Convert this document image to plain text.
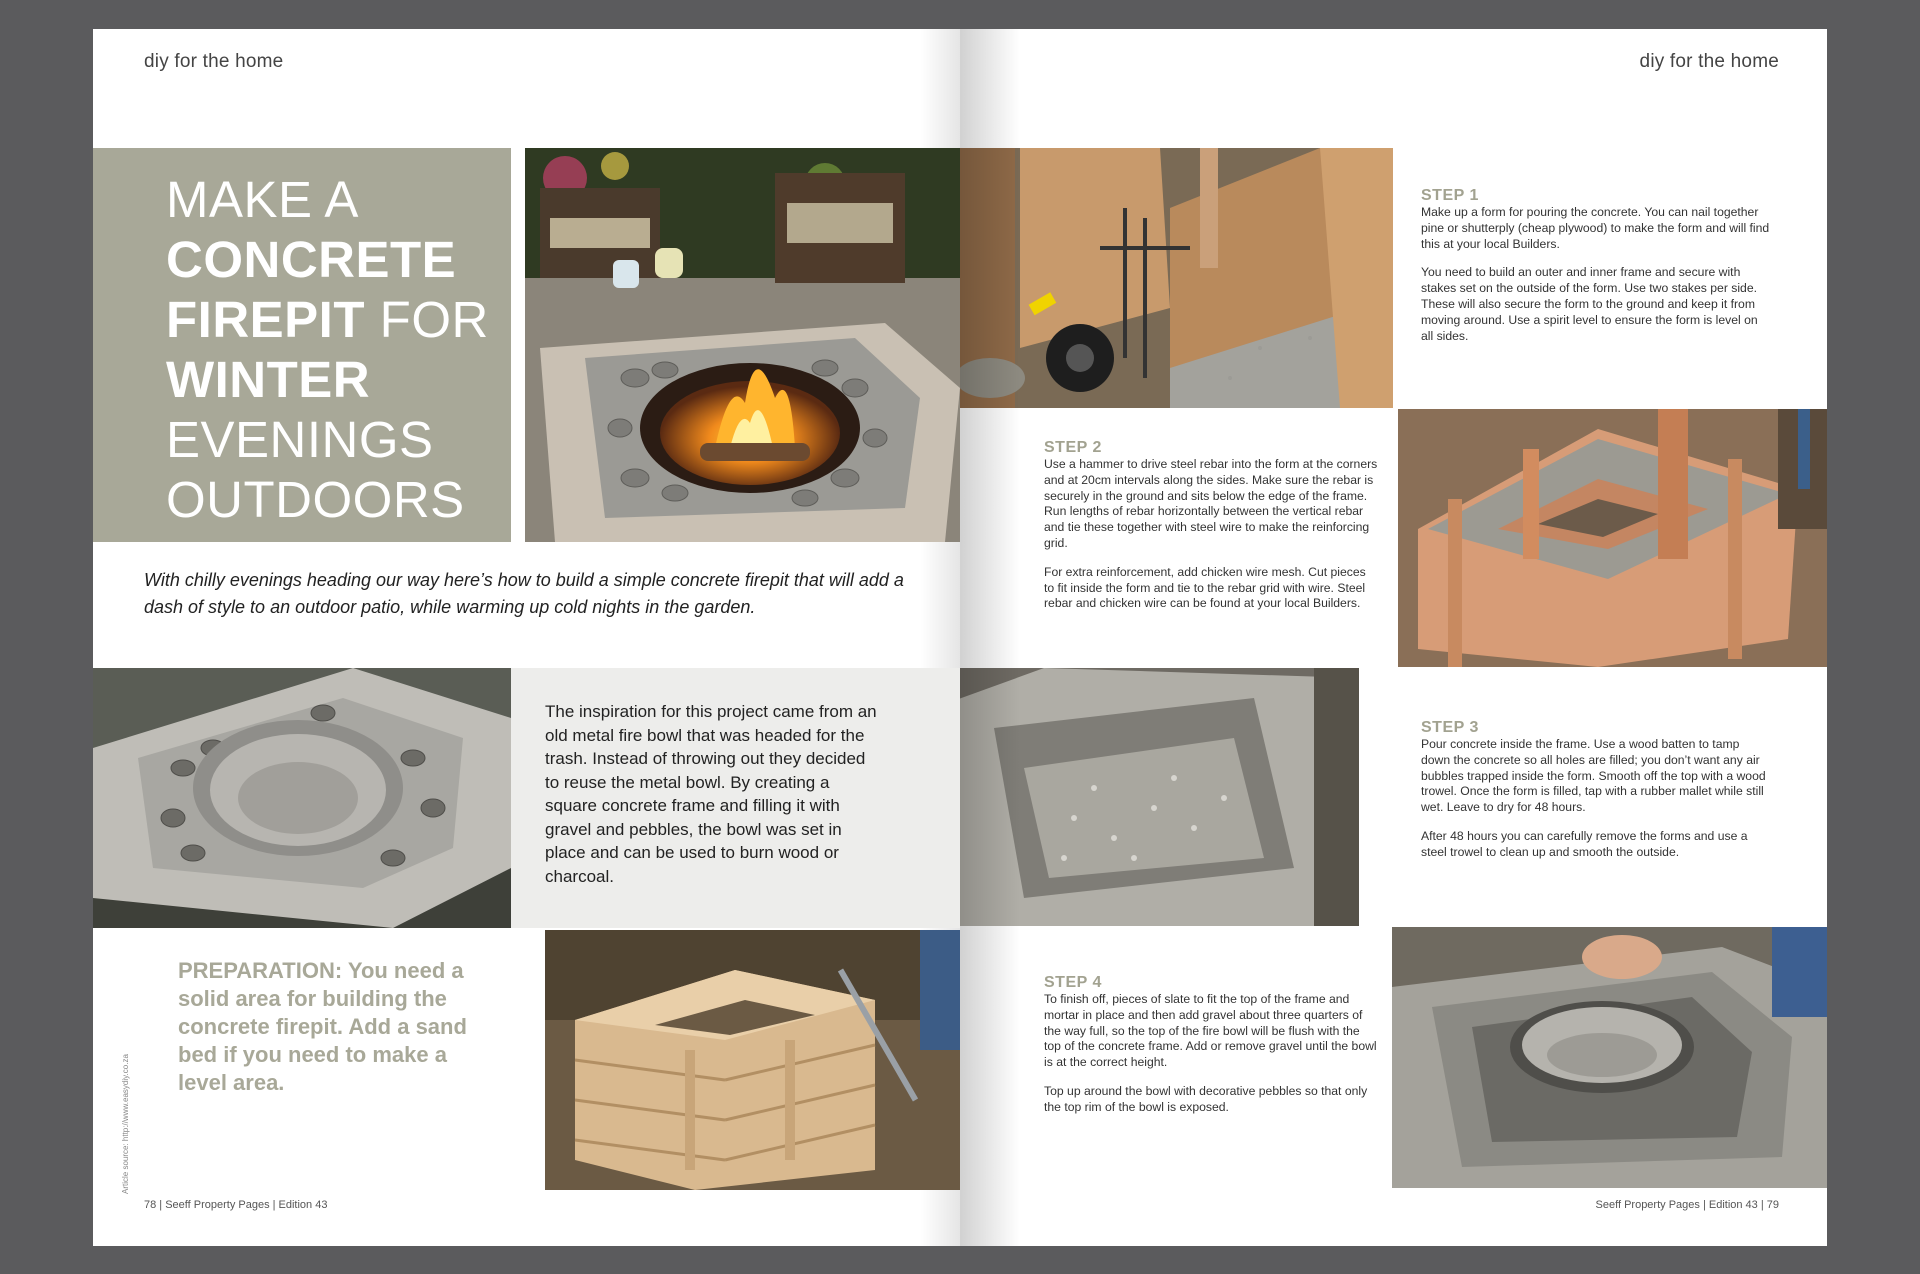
diy for the home
MAKE A
CONCRETE
FIREPIT FOR
WINTER
EVENINGS
OUTDOORS
With chilly evenings heading our way here’s how to build a simple concrete firepit that will add a dash of style to an outdoor patio, while warming up cold nights in the garden.
The inspiration for this project came from an old metal fire bowl that was headed for the trash. Instead of throwing out they decided to reuse the metal bowl. By creating a square concrete frame and filling it with gravel and pebbles, the bowl was set in place and can be used to burn wood or charcoal.
PREPARATION: You need a solid area for building the concrete firepit. Add a sand bed if you need to make a level area.
Article source: http://www.easydiy.co.za
78 | Seeff Property Pages | Edition 43
diy for the home
STEP 1

Make up a form for pouring the concrete. You can nail together pine or shutterply (cheap plywood) to make the form and will find this at your local Builders.

You need to build an outer and inner frame and secure with stakes set on the outside of the form. Use two stakes per side. These will also secure the form to the ground and keep it from moving around. Use a spirit level to ensure the form is level on all sides.

STEP 2

Use a hammer to drive steel rebar into the form at the corners and at 20cm intervals along the sides. Make sure the rebar is securely in the ground and sits below the edge of the frame. Run lengths of rebar horizontally between the vertical rebar and tie these together with steel wire to make the reinforcing grid.

For extra reinforcement, add chicken wire mesh. Cut pieces to fit inside the form and tie to the rebar grid with wire. Steel rebar and chicken wire can be found at your local Builders.

STEP 3

Pour concrete inside the frame. Use a wood batten to tamp down the concrete so all holes are filled; you don’t want any air bubbles trapped inside the form. Smooth off the top with a wood trowel. Once the form is filled, tap with a rubber mallet while still wet. Leave to dry for 48 hours.

After 48 hours you can carefully remove the forms and use a steel trowel to clean up and smooth the outside.

STEP 4

To finish off, pieces of slate to fit the top of the frame and mortar in place and then add gravel about three quarters of the way full, so the top of the fire bowl will be flush with the top of the concrete frame. Add or remove gravel until the bowl is at the correct height.

Top up around the bowl with decorative pebbles so that only the top rim of the bowl is exposed.

Seeff Property Pages | Edition 43 | 79
